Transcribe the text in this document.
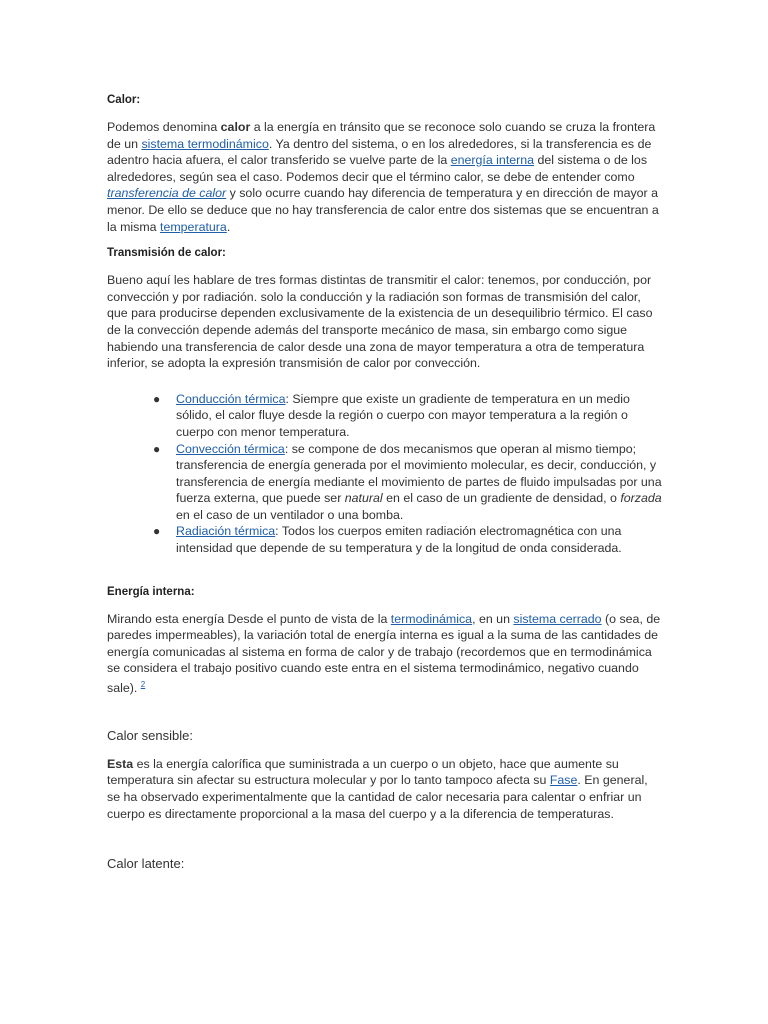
Calor:

Podemos denomina calor a la energía en tránsito que se reconoce solo cuando se cruza la frontera de un sistema termodinámico. Ya dentro del sistema, o en los alrededores, si la transferencia es de adentro hacia afuera, el calor transferido se vuelve parte de la energía interna del sistema o de los alrededores, según sea el caso. Podemos decir que el término calor, se debe de entender como transferencia de calor y solo ocurre cuando hay diferencia de temperatura y en dirección de mayor a menor. De ello se deduce que no hay transferencia de calor entre dos sistemas que se encuentran a la misma temperatura.

Transmisión de calor:

Bueno aquí les hablare de tres formas distintas de transmitir el calor: tenemos, por conducción, por convección y por radiación. solo la conducción y la radiación son formas de transmisión del calor, que para producirse dependen exclusivamente de la existencia de un desequilibrio térmico. El caso de la convección depende además del transporte mecánico de masa, sin embargo como sigue habiendo una transferencia de calor desde una zona de mayor temperatura a otra de temperatura inferior, se adopta la expresión transmisión de calor por convección.

● Conducción térmica: Siempre que existe un gradiente de temperatura en un medio sólido, el calor fluye desde la región o cuerpo con mayor temperatura a la región o cuerpo con menor temperatura.
● Convección térmica: se compone de dos mecanismos que operan al mismo tiempo; transferencia de energía generada por el movimiento molecular, es decir, conducción, y transferencia de energía mediante el movimiento de partes de fluido impulsadas por una fuerza externa, que puede ser natural en el caso de un gradiente de densidad, o forzada en el caso de un ventilador o una bomba.
● Radiación térmica: Todos los cuerpos emiten radiación electromagnética con una intensidad que depende de su temperatura y de la longitud de onda considerada.
Energía interna:

Mirando esta energía Desde el punto de vista de la termodinámica, en un sistema cerrado (o sea, de paredes impermeables), la variación total de energía interna es igual a la suma de las cantidades de energía comunicadas al sistema en forma de calor y de trabajo (recordemos que en termodinámica se considera el trabajo positivo cuando este entra en el sistema termodinámico, negativo cuando sale). $^2$

Calor sensible:

Esta es la energía calorífica que suministrada a un cuerpo o un objeto, hace que aumente su temperatura sin afectar su estructura molecular y por lo tanto tampoco afecta su Fase. En general, se ha observado experimentalmente que la cantidad de calor necesaria para calentar o enfriar un cuerpo es directamente proporcional a la masa del cuerpo y a la diferencia de temperaturas.

Calor latente:
